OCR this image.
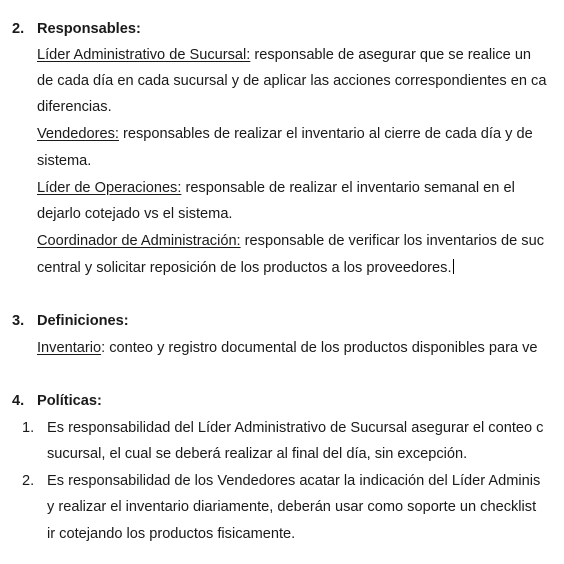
2. Responsables:
Líder Administrativo de Sucursal: responsable de asegurar que se realice un
de cada día en cada sucursal y de aplicar las acciones correspondientes en ca
diferencias.
Vendedores: responsables de realizar el inventario al cierre de cada día y de
sistema.
Líder de Operaciones: responsable de realizar el inventario semanal en el
dejarlo cotejado vs el sistema.
Coordinador de Administración: responsable de verificar los inventarios de suc
central y solicitar reposición de los productos a los proveedores.
3. Definiciones:
Inventario: conteo y registro documental de los productos disponibles para ve
4. Políticas:
1. Es responsabilidad del Líder Administrativo de Sucursal asegurar el conteo c
sucursal, el cual se deberá realizar al final del día, sin excepción.
2. Es responsabilidad de los Vendedores acatar la indicación del Líder Adminis
y realizar el inventario diariamente, deberán usar como soporte un checklist
ir cotejando los productos fisicamente.
